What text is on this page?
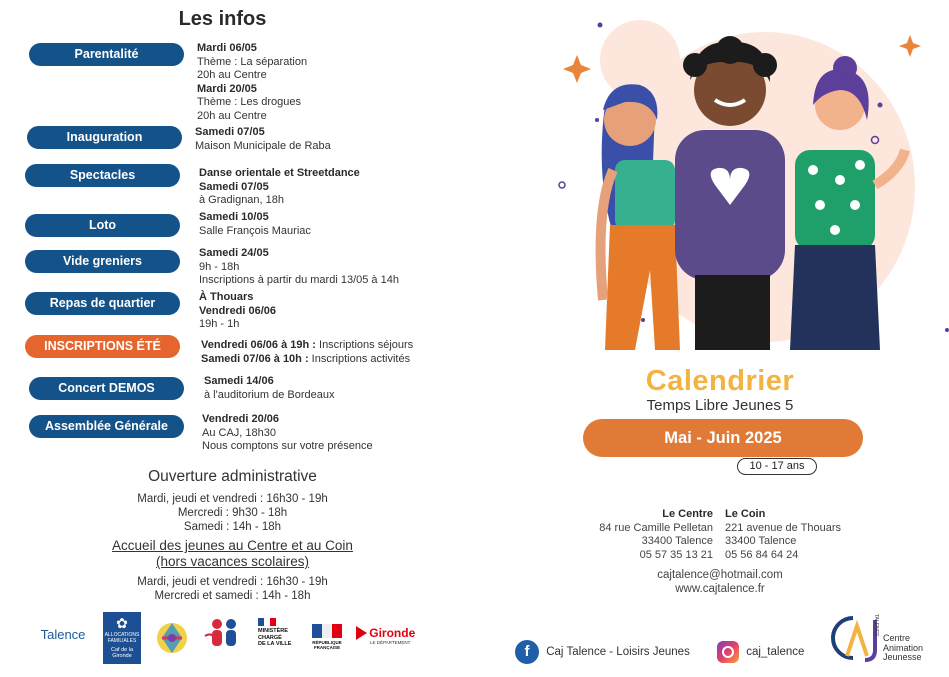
Les infos
Parentalité
Inauguration
Spectacles
Loto
Vide greniers
Repas de quartier
INSCRIPTIONS ÉTÉ
Concert DEMOS
Assemblée Générale
Mardi 06/05
Thème : La séparation
20h au Centre
Mardi 20/05
Thème : Les drogues
20h au Centre
Samedi 07/05
Maison Municipale de Raba
Danse orientale et Streetdance
Samedi 07/05
à Gradignan, 18h
Samedi 10/05
Salle François Mauriac
Samedi 24/05
9h - 18h
Inscriptions à partir du mardi 13/05 à 14h
À Thouars
Vendredi 06/06
19h - 1h
Vendredi 06/06 à 19h : Inscriptions séjours
Samedi 07/06 à 10h : Inscriptions activités
Samedi 14/06
à l'auditorium de Bordeaux
Vendredi 20/06
Au CAJ, 18h30
Nous comptons sur votre présence
Ouverture administrative
Mardi, jeudi et vendredi : 16h30 - 19h
Mercredi : 9h30 - 18h
Samedi : 14h - 18h
Accueil des jeunes au Centre et au Coin
(hors vacances scolaires)
Mardi, jeudi et vendredi : 16h30 - 19h
Mercredi et samedi : 14h - 18h
Talence
✿
ALLOCATIONS FAMILIALES
Caf de la Gironde
MINISTÈRE
CHARGÉ
DE LA VILLE	RÉPUBLIQUE FRANÇAISE
Gironde
LE DÉPARTEMENT
Calendrier
Temps Libre Jeunes 5
Mai - Juin 2025
10 - 17 ans
Le Centre
84 rue Camille Pelletan
33400 Talence
05 57 35 13 21
Le Coin
221 avenue de Thouars
33400 Talence
05 56 84 64 24
cajtalence@hotmail.com
www.cajtalence.fr
f Caj Talence - Loisirs Jeunes	caj_talence
TALENCE
Centre
Animation
Jeunesse
